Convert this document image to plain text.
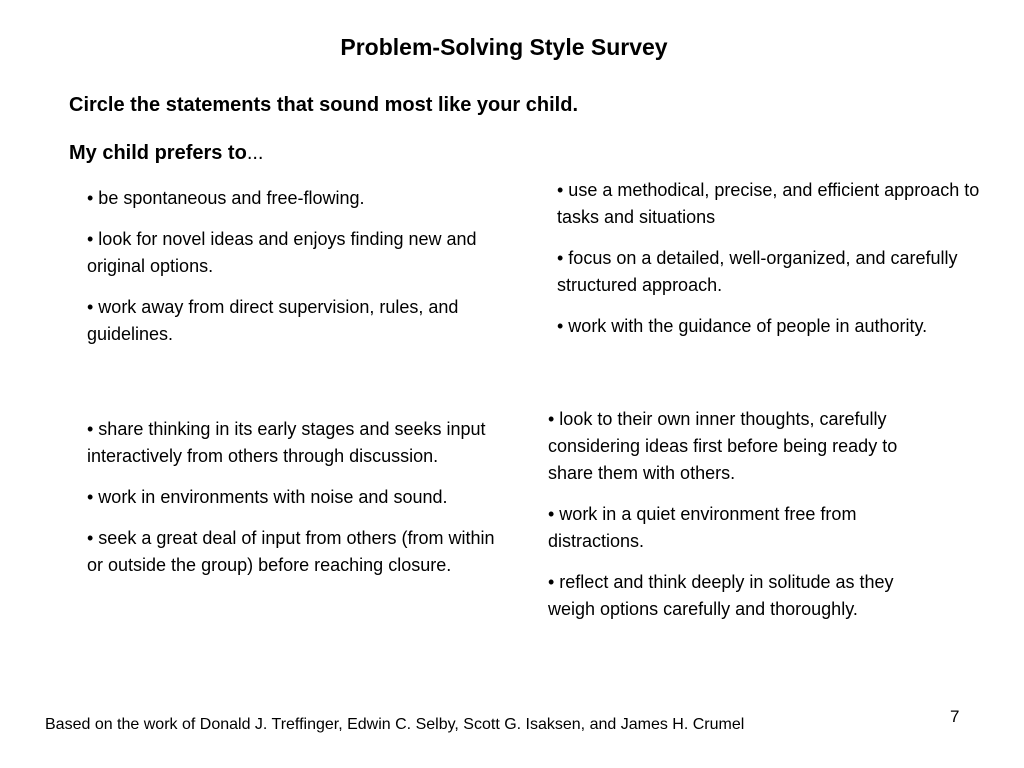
Problem-Solving Style Survey
Circle the statements that sound most like your child.
My child prefers to...

• be spontaneous and free-flowing.

• look for novel ideas and enjoys finding new and original options.

• work away from direct supervision, rules, and guidelines.

• use a methodical, precise, and efficient approach to tasks and situations

• focus on a detailed, well-organized, and carefully structured approach.

• work with the guidance of people in authority.

• share thinking in its early stages and seeks input interactively from others through discussion.

• work in environments with noise and sound.

• seek a great deal of input from others (from within or outside the group) before reaching closure.

• look to their own inner thoughts, carefully considering ideas first before being ready to share them with others.

• work in a quiet environment free from distractions.

• reflect and think deeply in solitude as they weigh options carefully and thoroughly.

Based on the work of Donald J. Treffinger, Edwin C. Selby, Scott G. Isaksen, and James H. Crumel	7
